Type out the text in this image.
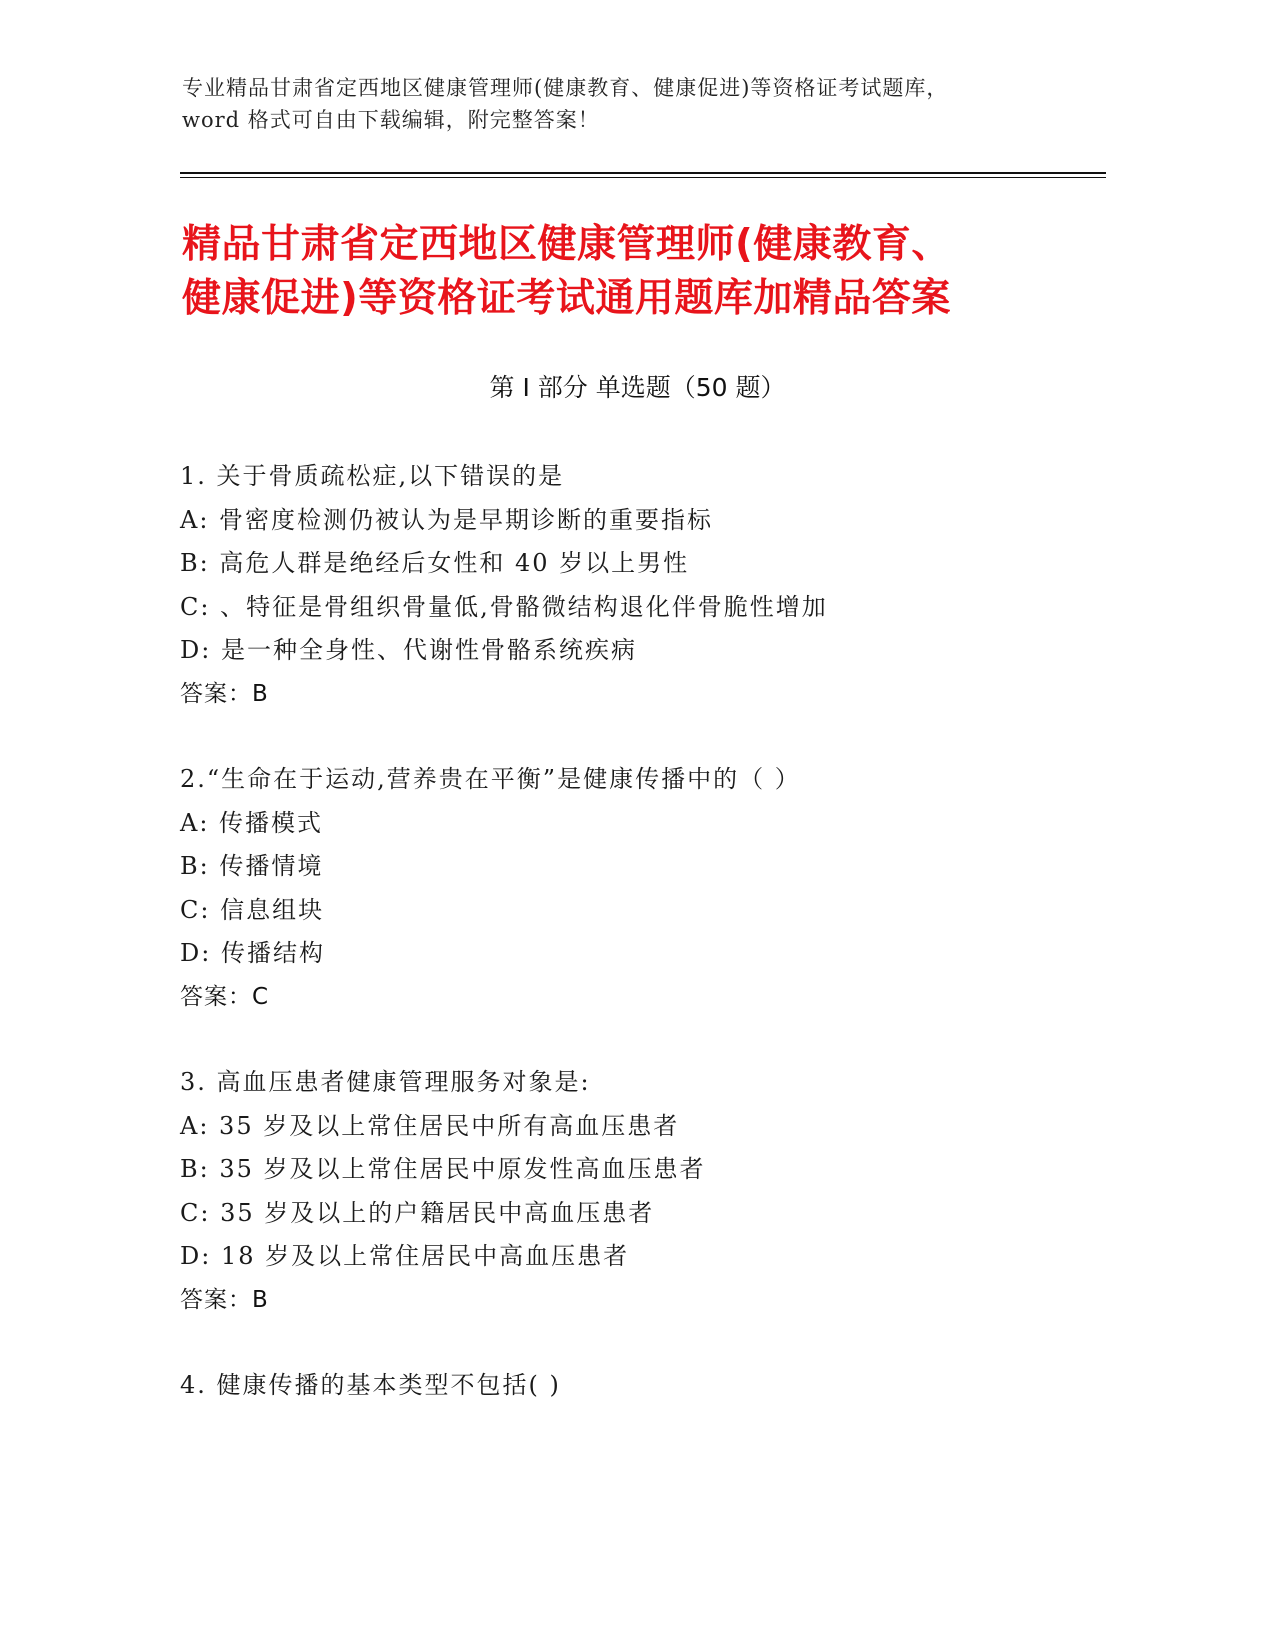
专业精品甘肃省定西地区健康管理师(健康教育、健康促进)等资格证考试题库，
word 格式可自由下载编辑，附完整答案！
精品甘肃省定西地区健康管理师(健康教育、
健康促进)等资格证考试通用题库加精品答案
第 I 部分 单选题（50 题）
1. 关于骨质疏松症,以下错误的是
A: 骨密度检测仍被认为是早期诊断的重要指标
B: 高危人群是绝经后女性和 40 岁以上男性
C: 、特征是骨组织骨量低,骨骼微结构退化伴骨脆性增加
D: 是一种全身性、代谢性骨骼系统疾病
答案：B
2.“生命在于运动,营养贵在平衡”是健康传播中的（ ）
A: 传播模式
B: 传播情境
C: 信息组块
D: 传播结构
答案：C
3. 高血压患者健康管理服务对象是:
A: 35 岁及以上常住居民中所有高血压患者
B: 35 岁及以上常住居民中原发性高血压患者
C: 35 岁及以上的户籍居民中高血压患者
D: 18 岁及以上常住居民中高血压患者
答案：B
4. 健康传播的基本类型不包括( )
